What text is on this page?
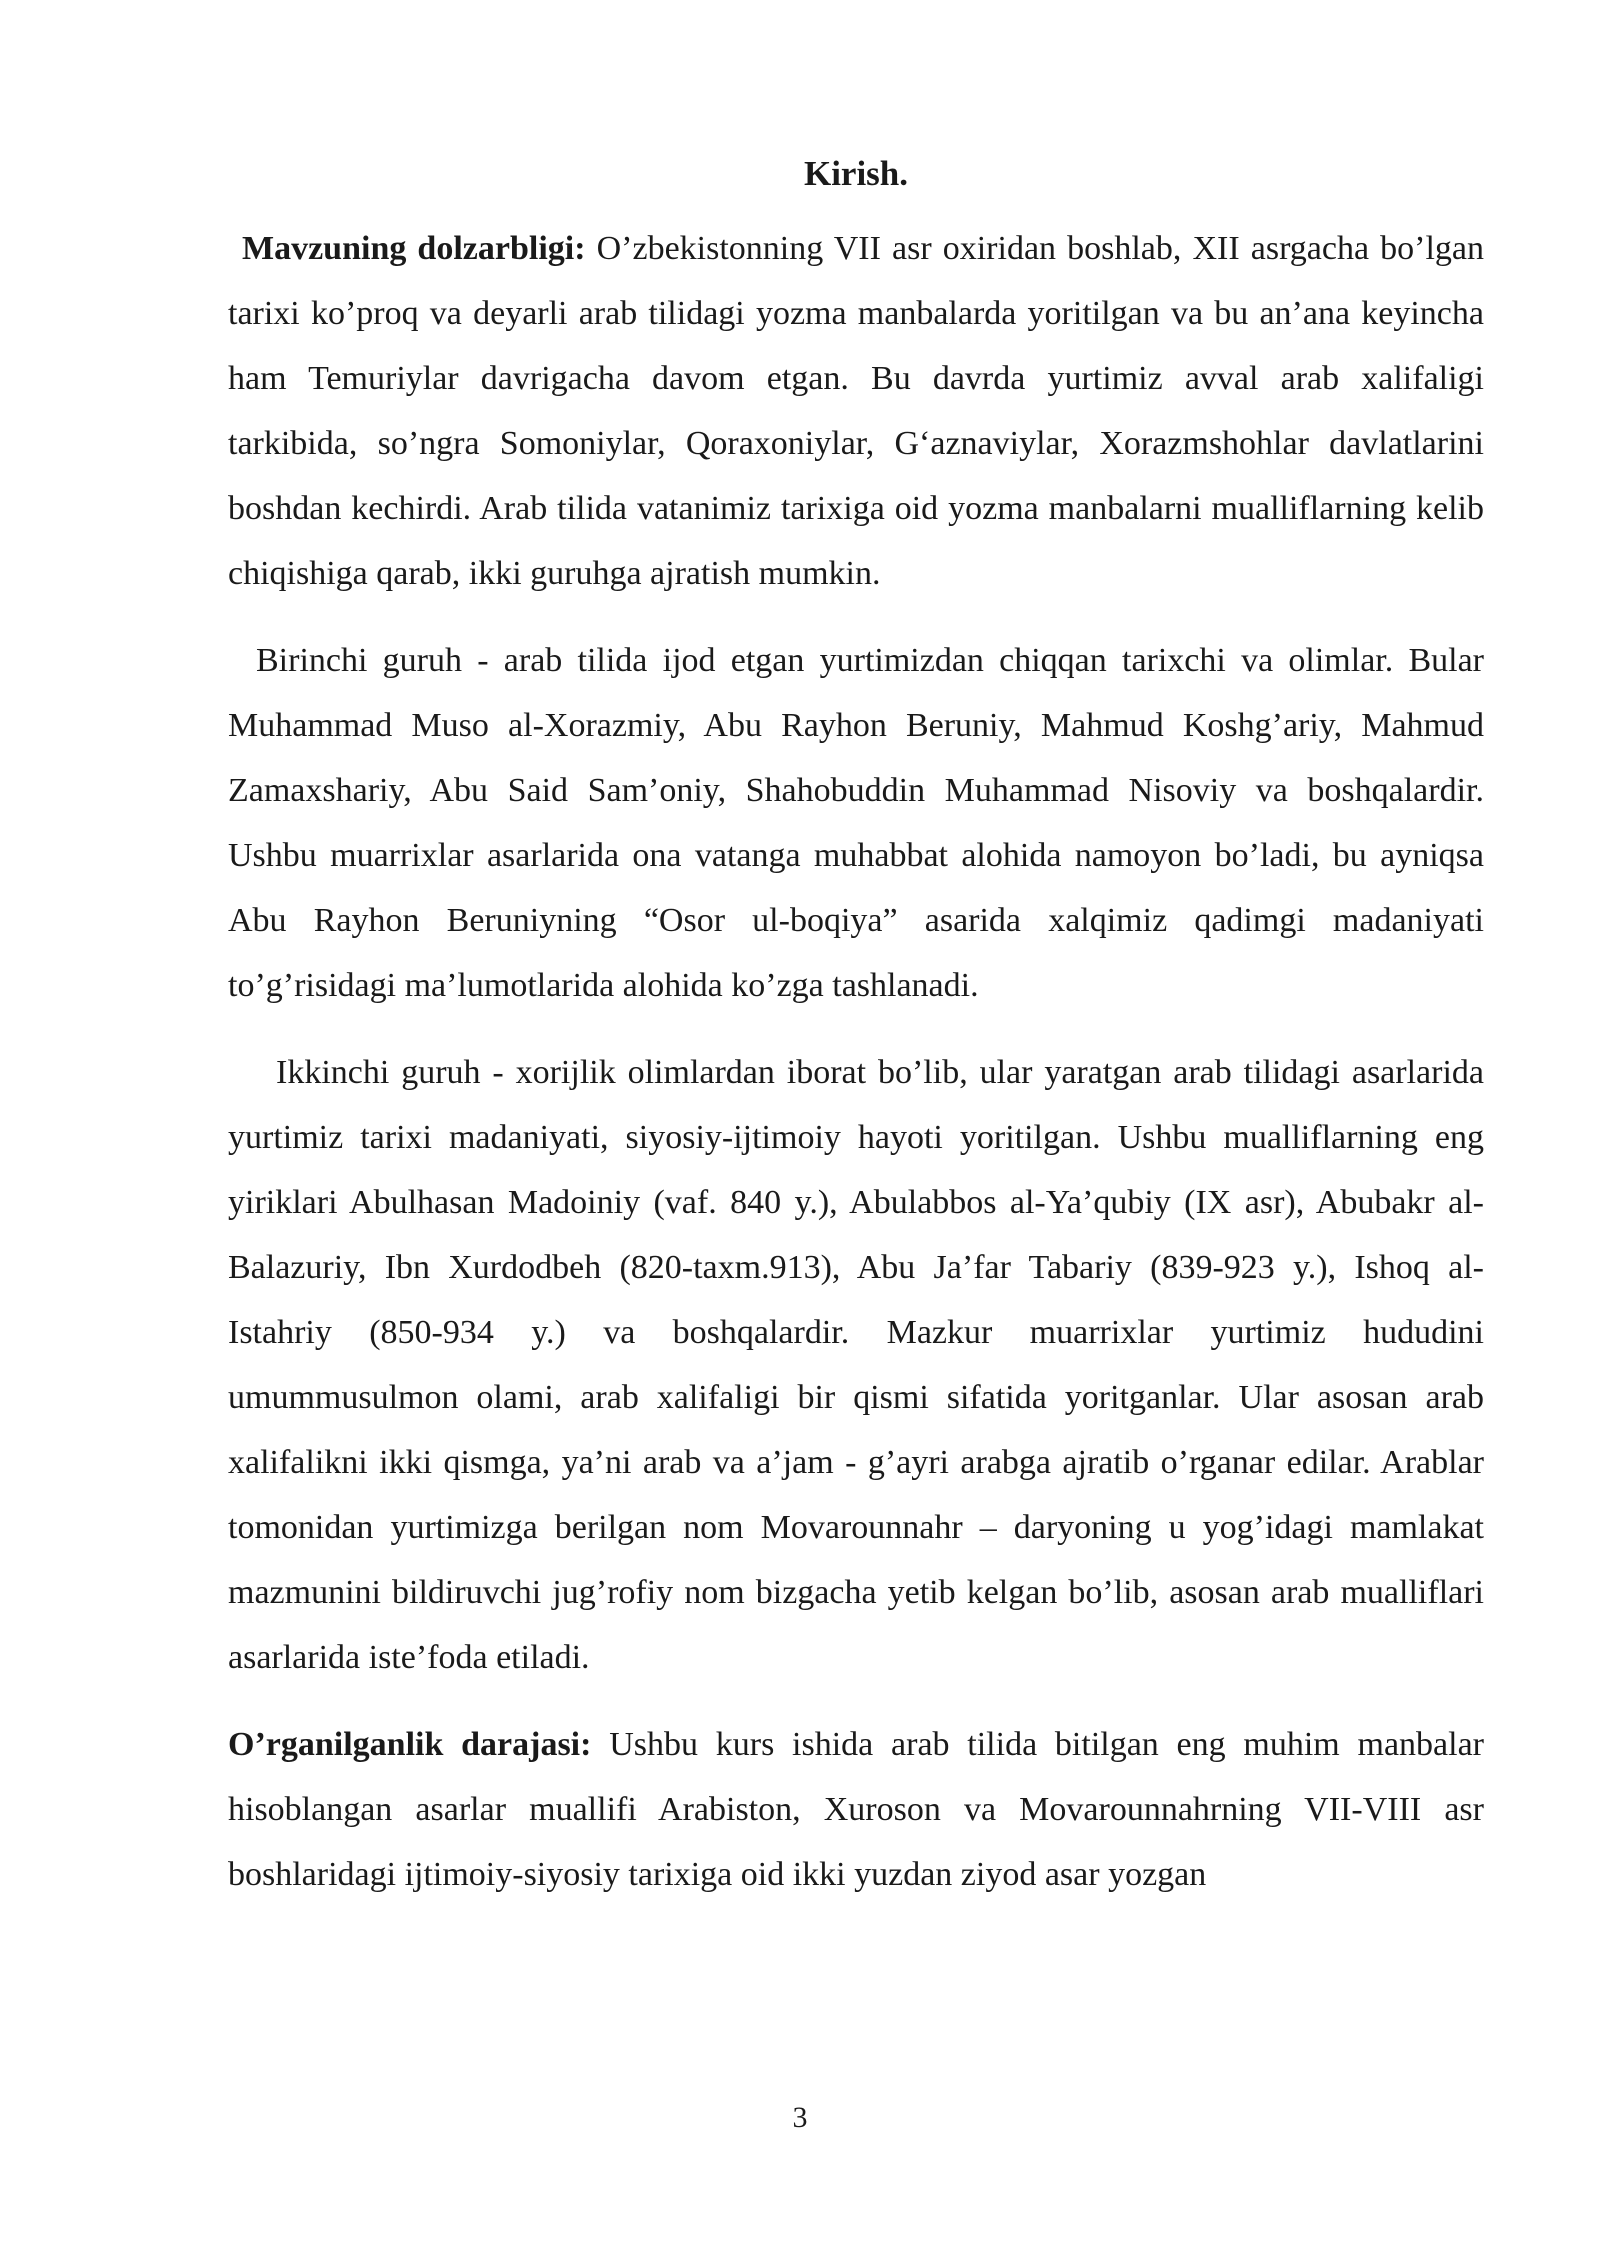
Kirish.

Mavzuning dolzarbligi: O’zbekistonning VII asr oxiridan boshlab, XII asrgacha bo’lgan tarixi ko’proq va deyarli arab tilidagi yozma manbalarda yoritilgan va bu an’ana keyincha ham Temuriylar davrigacha davom etgan. Bu davrda yurtimiz avval arab xalifaligi tarkibida, so’ngra Somoniylar, Qoraxoniylar, G‘aznaviylar, Xorazmshohlar davlatlarini boshdan kechirdi. Arab tilida vatanimiz tarixiga oid yozma manbalarni mualliflarning kelib chiqishiga qarab, ikki guruhga ajratish mumkin.

Birinchi guruh - arab tilida ijod etgan yurtimizdan chiqqan tarixchi va olimlar. Bular Muhammad Muso al-Xorazmiy, Abu Rayhon Beruniy, Mahmud Koshg’ariy, Mahmud Zamaxshariy, Abu Said Sam’oniy, Shahobuddin Muhammad Nisoviy va boshqalardir. Ushbu muarrixlar asarlarida ona vatanga muhabbat alohida namoyon bo’ladi, bu ayniqsa Abu Rayhon Beruniyning “Osor ul-boqiya” asarida xalqimiz qadimgi madaniyati to’g’risidagi ma’lumotlarida alohida ko’zga tashlanadi.

Ikkinchi guruh - xorijlik olimlardan iborat bo’lib, ular yaratgan arab tilidagi asarlarida yurtimiz tarixi madaniyati, siyosiy-ijtimoiy hayoti yoritilgan. Ushbu mualliflarning eng yiriklari Abulhasan Madoiniy (vaf. 840 y.), Abulabbos al-Ya’qubiy (IX asr), Abubakr al-Balazuriy, Ibn Xurdodbeh (820-taxm.913), Abu Ja’far Tabariy (839-923 y.), Ishoq al-Istahriy (850-934 y.) va boshqalardir. Mazkur muarrixlar yurtimiz hududini umummusulmon olami, arab xalifaligi bir qismi sifatida yoritganlar. Ular asosan arab xalifalikni ikki qismga, ya’ni arab va a’jam - g’ayri arabga ajratib o’rganar edilar. Arablar tomonidan yurtimizga berilgan nom Movarounnahr – daryoning u yog’idagi mamlakat mazmunini bildiruvchi jug’rofiy nom bizgacha yetib kelgan bo’lib, asosan arab mualliflari asarlarida iste’foda etiladi.

O’rganilganlik darajasi: Ushbu kurs ishida arab tilida bitilgan eng muhim manbalar hisoblangan asarlar muallifi Arabiston, Xuroson va Movarounnahrning VII-VIII asr boshlaridagi ijtimoiy-siyosiy tarixiga oid ikki yuzdan ziyod asar yozgan

3
